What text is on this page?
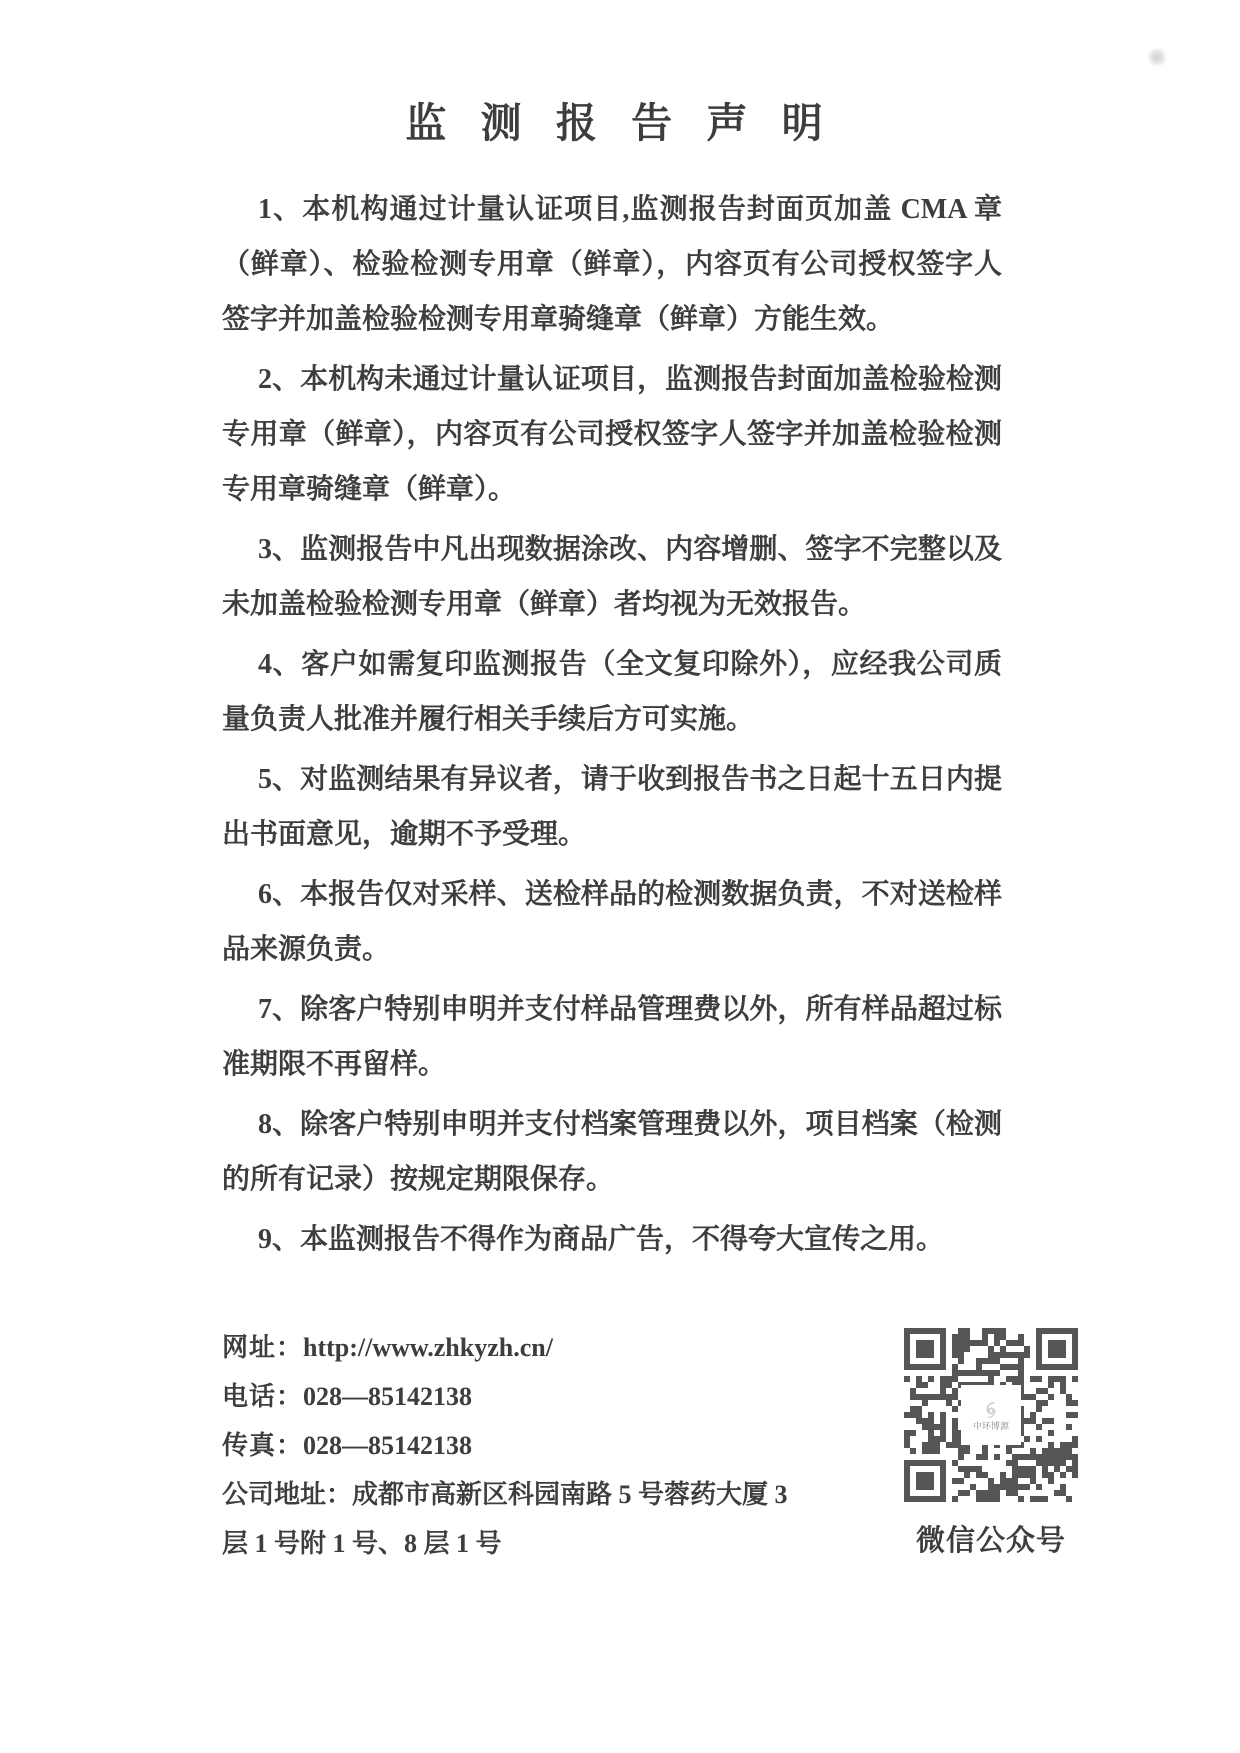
监 测 报 告 声 明

1、本机构通过计量认证项目,监测报告封面页加盖 CMA 章（鲜章）、检验检测专用章（鲜章），内容页有公司授权签字人签字并加盖检验检测专用章骑缝章（鲜章）方能生效。

2、本机构未通过计量认证项目，监测报告封面加盖检验检测专用章（鲜章），内容页有公司授权签字人签字并加盖检验检测专用章骑缝章（鲜章）。

3、监测报告中凡出现数据涂改、内容增删、签字不完整以及未加盖检验检测专用章（鲜章）者均视为无效报告。

4、客户如需复印监测报告（全文复印除外），应经我公司质量负责人批准并履行相关手续后方可实施。

5、对监测结果有异议者，请于收到报告书之日起十五日内提出书面意见，逾期不予受理。

6、本报告仅对采样、送检样品的检测数据负责，不对送检样品来源负责。

7、除客户特别申明并支付样品管理费以外，所有样品超过标准期限不再留样。

8、除客户特别申明并支付档案管理费以外，项目档案（检测的所有记录）按规定期限保存。

9、本监测报告不得作为商品广告，不得夸大宣传之用。

网址：http://www.zhkyzh.cn/
电话：028—85142138
传真：028—85142138
公司地址：成都市高新区科园南路 5 号蓉药大厦 3
层 1 号附 1 号、8 层 1 号
中环博源
微信公众号
